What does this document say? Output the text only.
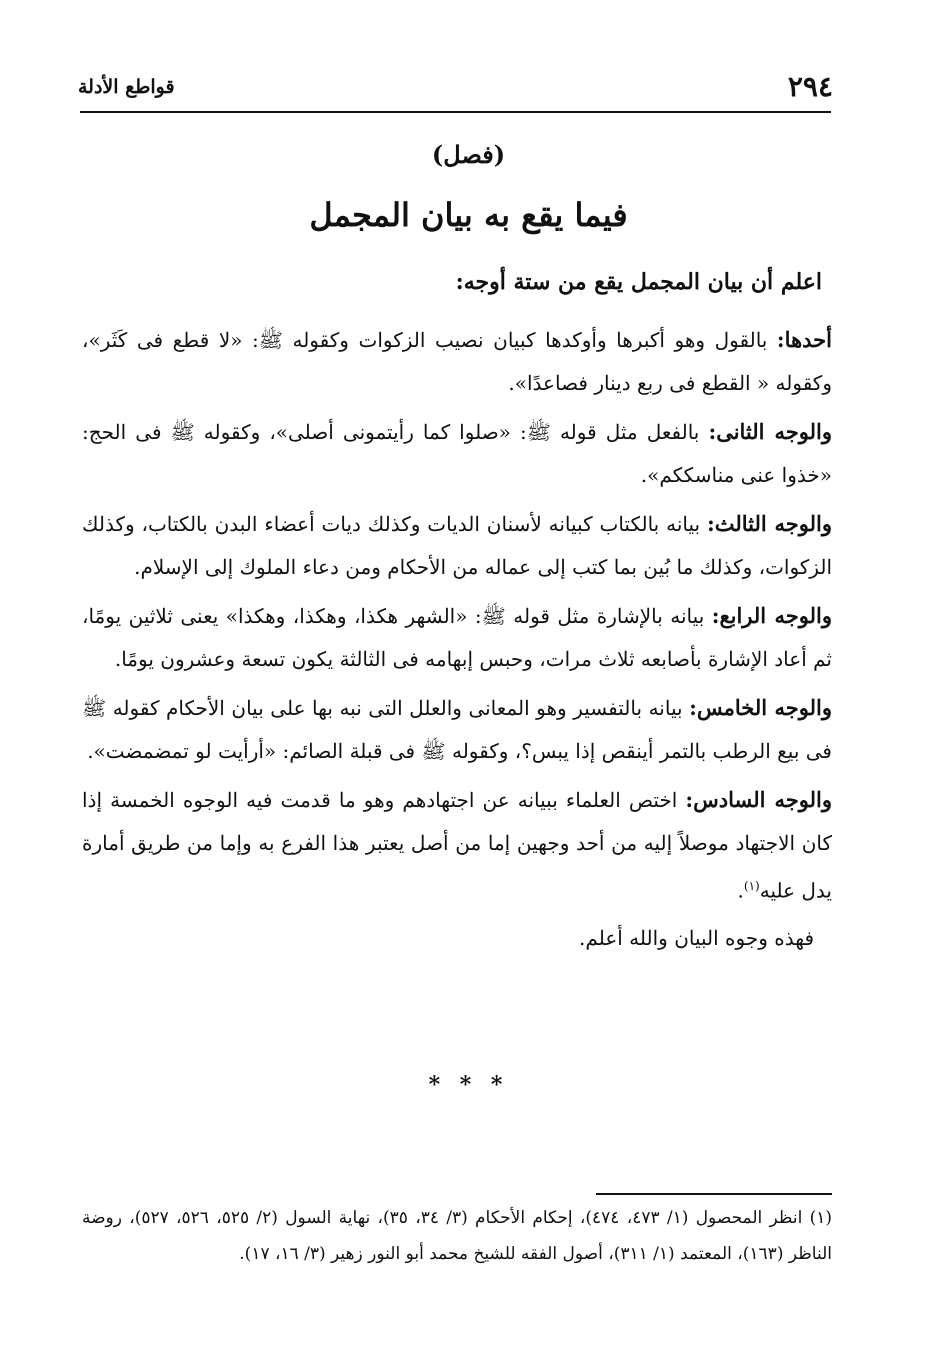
٢٩٤
قواطع الأدلة
(فصل)
فيما يقع به بيان المجمل

اعلم أن بيان المجمل يقع من ستة أوجه:

أحدها: بالقول وهو أكبرها وأوكدها كبيان نصيب الزكوات وكقوله ﷺ: «لا قطع فى كَثَر»، وكقوله « القطع فى ربع دينار فصاعدًا».

والوجه الثانى: بالفعل مثل قوله ﷺ: «صلوا كما رأيتمونى أصلى»، وكقوله ﷺ فى الحج: «خذوا عنى مناسككم».

والوجه الثالث: بيانه بالكتاب كبيانه لأسنان الديات وكذلك ديات أعضاء البدن بالكتاب، وكذلك الزكوات، وكذلك ما بُين بما كتب إلى عماله من الأحكام ومن دعاء الملوك إلى الإسلام.

والوجه الرابع: بيانه بالإشارة مثل قوله ﷺ: «الشهر هكذا، وهكذا، وهكذا» يعنى ثلاثين يومًا، ثم أعاد الإشارة بأصابعه ثلاث مرات، وحبس إبهامه فى الثالثة يكون تسعة وعشرون يومًا.

والوجه الخامس: بيانه بالتفسير وهو المعانى والعلل التى نبه بها على بيان الأحكام كقوله ﷺ فى بيع الرطب بالتمر أينقص إذا يبس؟، وكقوله ﷺ فى قبلة الصائم: «أرأيت لو تمضمضت».

والوجه السادس: اختص العلماء ببيانه عن اجتهادهم وهو ما قدمت فيه الوجوه الخمسة إذا كان الاجتهاد موصلاً إليه من أحد وجهين إما من أصل يعتبر هذا الفرع به وإما من طريق أمارة يدل عليه$^{(١)}$.

فهذه وجوه البيان والله أعلم.

* * *
(١) انظر المحصول (١/ ٤٧٣، ٤٧٤)، إحكام الأحكام (٣/ ٣٤، ٣٥)، نهاية السول (٢/ ٥٢٥، ٥٢٦، ٥٢٧)، روضة الناظر (١٦٣)، المعتمد (١/ ٣١١)، أصول الفقه للشيخ محمد أبو النور زهير (٣/ ١٦، ١٧).
